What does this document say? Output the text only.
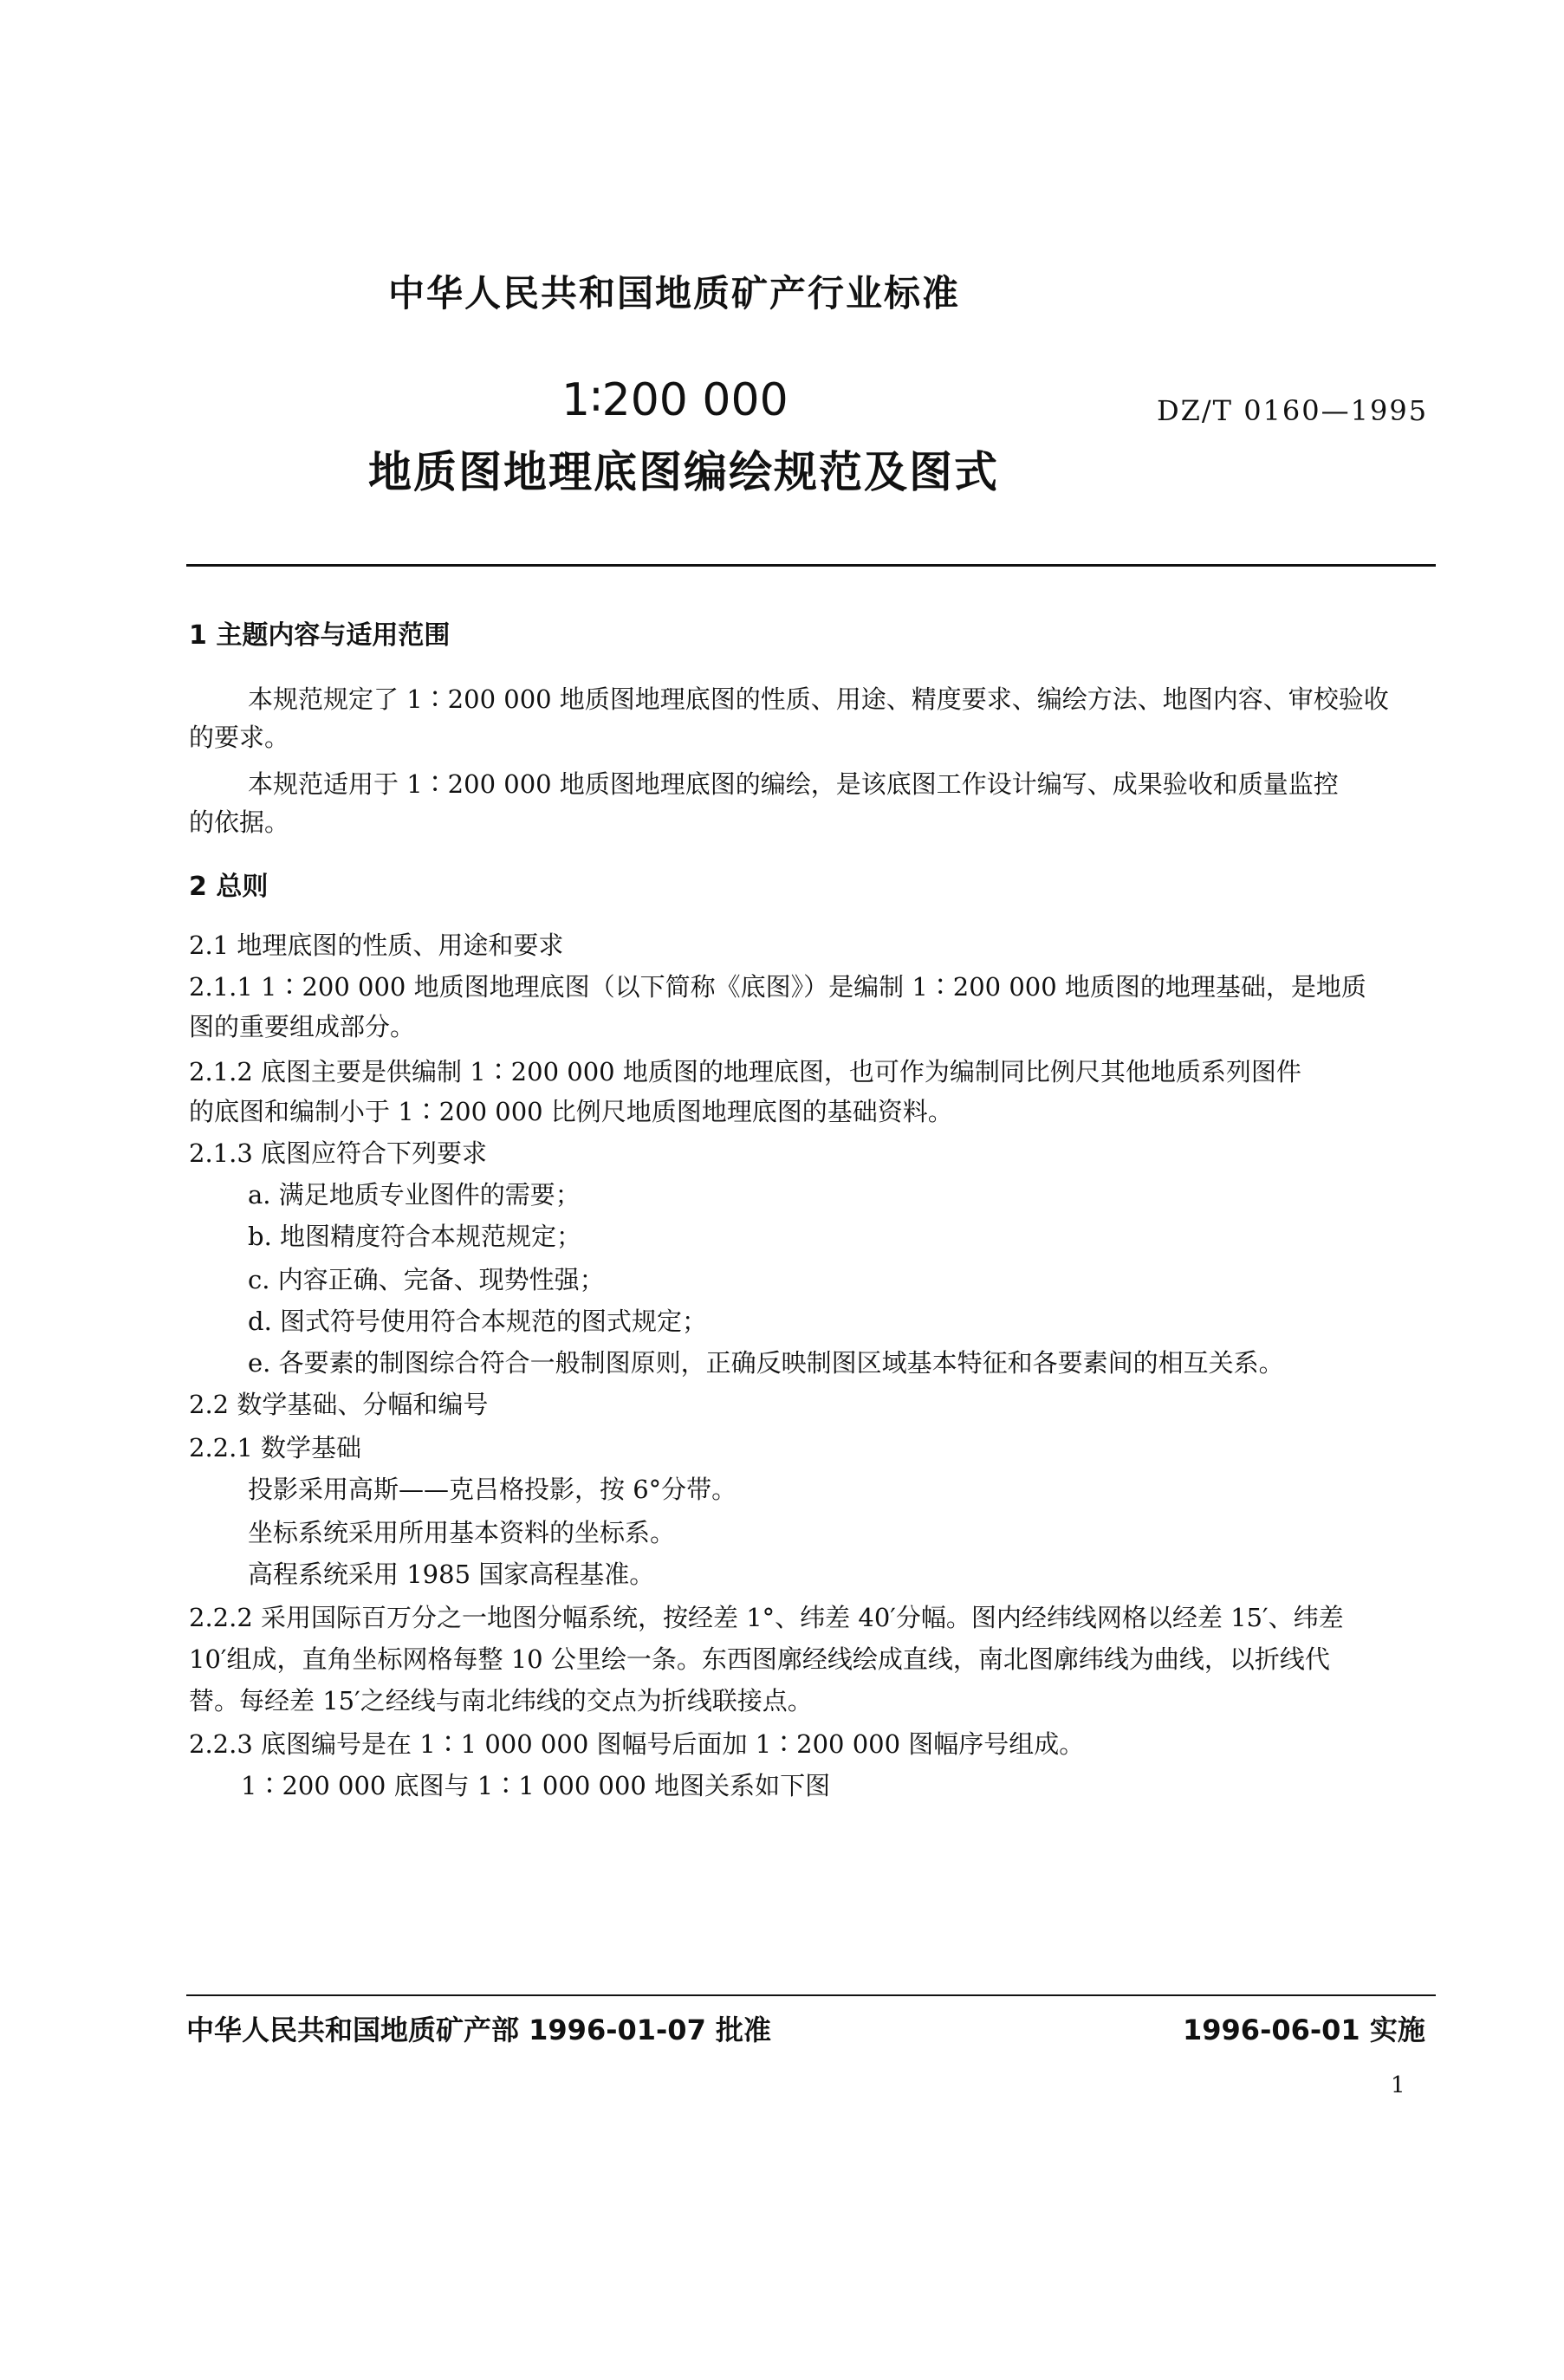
中华人民共和国地质矿产行业标准
1∶200 000	DZ/T 0160—1995
地质图地理底图编绘规范及图式
1 主题内容与适用范围
本规范规定了 1∶200 000 地质图地理底图的性质、用途、精度要求、编绘方法、地图内容、审校验收
的要求。
本规范适用于 1∶200 000 地质图地理底图的编绘，是该底图工作设计编写、成果验收和质量监控
的依据。
2 总则
2.1 地理底图的性质、用途和要求
2.1.1 1∶200 000 地质图地理底图（以下简称《底图》）是编制 1∶200 000 地质图的地理基础，是地质
图的重要组成部分。
2.1.2 底图主要是供编制 1∶200 000 地质图的地理底图，也可作为编制同比例尺其他地质系列图件
的底图和编制小于 1∶200 000 比例尺地质图地理底图的基础资料。
2.1.3 底图应符合下列要求
a. 满足地质专业图件的需要；
b. 地图精度符合本规范规定；
c. 内容正确、完备、现势性强；
d. 图式符号使用符合本规范的图式规定；
e. 各要素的制图综合符合一般制图原则，正确反映制图区域基本特征和各要素间的相互关系。
2.2 数学基础、分幅和编号
2.2.1 数学基础
投影采用高斯——克吕格投影，按 6°分带。
坐标系统采用所用基本资料的坐标系。
高程系统采用 1985 国家高程基准。
2.2.2 采用国际百万分之一地图分幅系统，按经差 1°、纬差 40′分幅。图内经纬线网格以经差 15′、纬差
10′组成，直角坐标网格每整 10 公里绘一条。东西图廓经线绘成直线，南北图廓纬线为曲线，以折线代
替。每经差 15′之经线与南北纬线的交点为折线联接点。
2.2.3 底图编号是在 1∶1 000 000 图幅号后面加 1∶200 000 图幅序号组成。
1∶200 000 底图与 1∶1 000 000 地图关系如下图
中华人民共和国地质矿产部 1996-01-07 批准	1996-06-01 实施
1
